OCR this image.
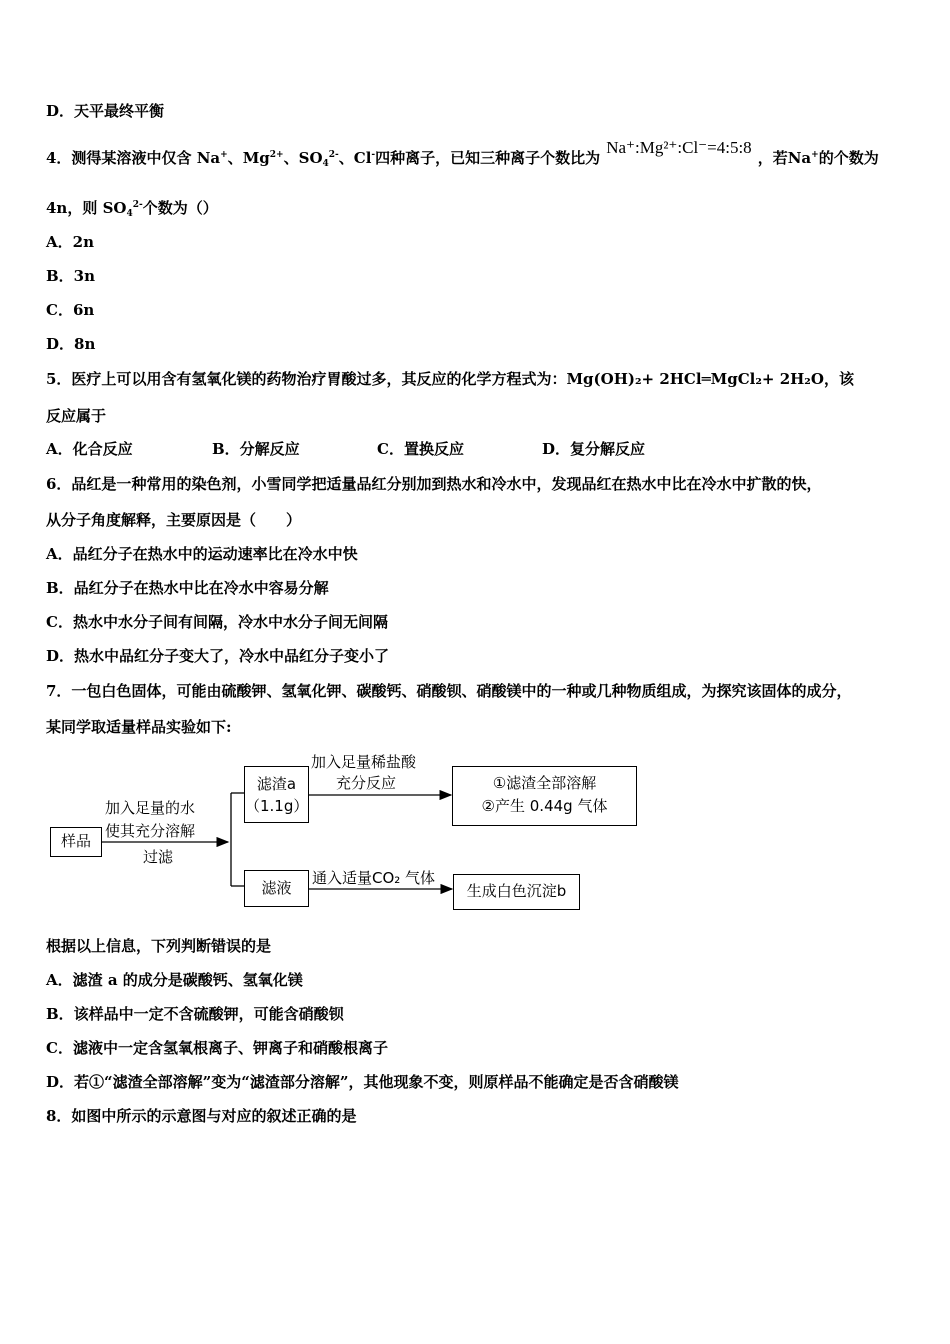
D．天平最终平衡
4．测得某溶液中仅含 Na+、$Mg^{2+}$、$SO_4^{2-}$、Cl-四种离子，已知三种离子个数比为Na⁺:Mg²⁺:Cl⁻=4:5:8，若Na+的个数为
4n，则 $SO_4^{2-}$个数为（）
A．2n
B．3n
C．6n
D．8n
5．医疗上可以用含有氢氧化镁的药物治疗胃酸过多，其反应的化学方程式为：Mg(OH)₂+ 2HCl═MgCl₂+ 2H₂O，该
反应属于
A．化合反应	B．分解反应	C．置换反应	D．复分解反应
6．品红是一种常用的染色剂，小雪同学把适量品红分别加到热水和冷水中，发现品红在热水中比在冷水中扩散的快，
从分子角度解释，主要原因是（　　）
A．品红分子在热水中的运动速率比在冷水中快
B．品红分子在热水中比在冷水中容易分解
C．热水中水分子间有间隔，冷水中水分子间无间隔
D．热水中品红分子变大了，冷水中品红分子变小了
7．一包白色固体，可能由硫酸钾、氢氧化钾、碳酸钙、硝酸钡、硝酸镁中的一种或几种物质组成，为探究该固体的成分，
某同学取适量样品实验如下:
样品
加入足量的水
使其充分溶解
过滤
滤渣a
（1.1g）
加入足量稀盐酸
充分反应	①滤渣全部溶解
②产生 0.44g 气体
滤液
通入适量CO₂ 气体
生成白色沉淀b
根据以上信息，下列判断错误的是
A．滤渣 a 的成分是碳酸钙、氢氧化镁
B．该样品中一定不含硫酸钾，可能含硝酸钡
C．滤液中一定含氢氧根离子、钾离子和硝酸根离子
D．若①“滤渣全部溶解”变为“滤渣部分溶解”，其他现象不变，则原样品不能确定是否含硝酸镁
8．如图中所示的示意图与对应的叙述正确的是
